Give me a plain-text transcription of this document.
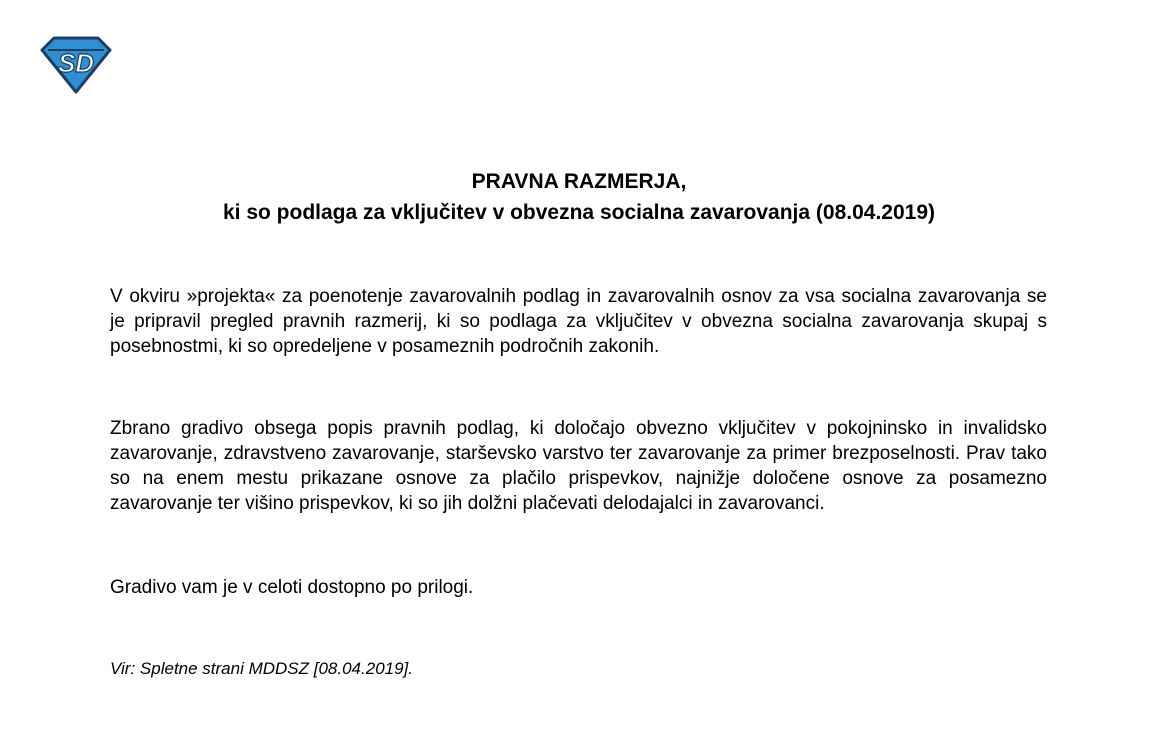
SD
PRAVNA RAZMERJA,
ki so podlaga za vključitev v obvezna socialna zavarovanja (08.04.2019)

V okviru »projekta« za poenotenje zavarovalnih podlag in zavarovalnih osnov za vsa socialna zavarovanja se je pripravil pregled pravnih razmerij, ki so podlaga za vključitev v obvezna socialna zavarovanja skupaj s posebnostmi, ki so opredeljene v posameznih področnih zakonih.

Zbrano gradivo obsega popis pravnih podlag, ki določajo obvezno vključitev v pokojninsko in invalidsko zavarovanje, zdravstveno zavarovanje, starševsko varstvo ter zavarovanje za primer brezposelnosti. Prav tako so na enem mestu prikazane osnove za plačilo prispevkov, najnižje določene osnove za posamezno zavarovanje ter višino prispevkov, ki so jih dolžni plačevati delodajalci in zavarovanci.

Gradivo vam je v celoti dostopno po prilogi.

Vir: Spletne strani MDDSZ [08.04.2019].
